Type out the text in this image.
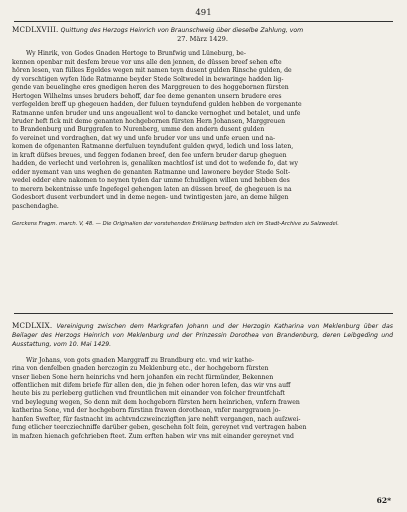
491
MCDLXVIII. Quittung des Herzogs Heinrich von Braunschweig über dieselbe Zahlung, vom
27. März 1429.
Wy Hinrik, von Godes Gnaden Hertoge to Brunfwig und Lüneburg, be-
kennen openbar mit desfem breue vor uns alle den jennen, de düssen breef sehen efte
hören lesen, van fülkes Egeldes wegen mit namen teyn dusent gulden Rinsche gulden, de
dy vorschtigen wyfen lüde Ratmanne beyder Stede Soltwedel in bewaringe hadden lig-
gende van beuelinghe eres gnedigen heren des Marggreuen to des hoggebornen fürsten
Hertogen Wilhelms unses bruders behoff, dar fee deme genanten unsern brudere eres
verfegelden breff up ghegeuen hadden, der fuluen teyndufend gulden hebben de vorgenante
Ratmanne unfen bruder und uns angeuallent wol to dancke vernoghet und betalet, und unfe
bruder heft fick mit deme genanten hochgebornen fürsten Hern Johansen, Marggreuen
to Brandenburg und Burggrafen to Nurenberg, umme den andern dusent gulden
fo vereinet und vordraghen, dat wy und unfe bruder vor uns und unfe eruen und na-
komen de ofgenanten Ratmanne derfuluen teyndufent gulden qwyd, ledich und loss laten,
in kraft düfses breues, und feggen fodanen breef, den fee unfern bruder darup gheguen
hadden, de verlecht und verlohren is, genaliken machtlosf ist und dot to wefende fo, dat wy
edder nyemant van uns weghen de genanten Ratmanne und lawonere beyder Stede Solt-
wedel edder ehre nakomen to neynen tyden dar umme fchuldigen willen und hebben des
to merern bekentnisse unfe Ingefegel gehengen laten an düssen breef, de ghegeuen is na
Godesbort dusent verbundert und in deme negen- und twintigesten jare, an deme hilgen
paschendaghe.
Gerckens Fragm. march. V, 48. — Die Originalien der vorstehenden Erklärung befinden sich im Stadt-Archive zu Salzwedel.
MCDLXIX. Vereinigung zwischen dem Markgrafen Johann und der Herzogin Katharina von Meklenburg über das Beilager des Herzogs Heinrich von Meklenburg und der Prinzessin Dorothea von Brandenburg, deren Leibgeding und Ausstattung, vom 10. Mai 1429.
Wir Johans, von gots gnaden Marggraff zu Brandburg etc. vnd wir kathe-
rina von denfelben gnaden herczogin zu Meklenburg etc., der hochgeborn fürsten
vnser lieben Sone hern heinrichs vnd hern johanfen ein recht fürmünder, Bekennen
offentlichen mit difem briefe für allen den, die jn fehen oder horen lefen, das wir vns auff
heute bis zu perleberg gutlichen vnd freuntlichen mit einander von folcher freuntfchaft
vnd beylegung wegen, So denn mit dem hochgeborn fürsten hern heinrichen, vnfern frawen
katherina Sone, vnd der hochgeborn fürstinn frawen dorothean, vnfer marggrauen jo-
hanfen Swefter, für fastnacht im achtvndczweinczigften jare nehft vergangen, nach auſzwei-
fung etlicher teercziechniffe darüber geben, geschehn folt fein, gereynet vnd vertragen haben
in mafzen hienach gefchrieben fteet. Zum erften haben wir vns mit einander gereynet vnd
62*
